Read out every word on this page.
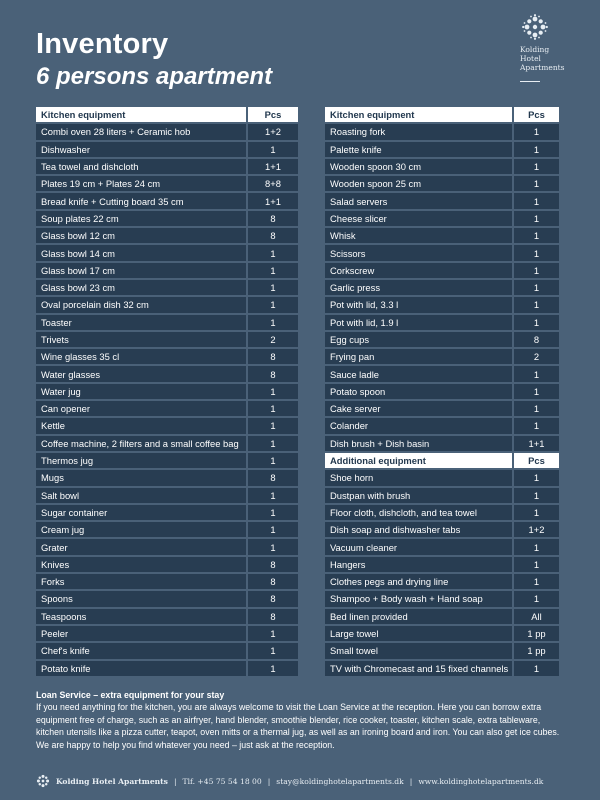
Inventory
6 persons apartment
Kolding
Hotel
Apartments
Kitchen equipment	Pcs
Combi oven 28 liters + Ceramic hob	1+2
Dishwasher	1
Tea towel and dishcloth	1+1
Plates 19 cm + Plates 24 cm	8+8
Bread knife + Cutting board 35 cm	1+1
Soup plates 22 cm	8
Glass bowl 12 cm	8
Glass bowl 14 cm	1
Glass bowl 17 cm	1
Glass bowl 23 cm	1
Oval porcelain dish 32 cm	1
Toaster	1
Trivets	2
Wine glasses 35 cl	8
Water glasses	8
Water jug	1
Can opener	1
Kettle	1
Coffee machine, 2 filters and a small coffee bag	1
Thermos jug	1
Mugs	8
Salt bowl	1
Sugar container	1
Cream jug	1
Grater	1
Knives	8
Forks	8
Spoons	8
Teaspoons	8
Peeler	1
Chef's knife	1
Potato knife	1
Kitchen equipment	Pcs
Roasting fork	1
Palette knife	1
Wooden spoon 30 cm	1
Wooden spoon 25 cm	1
Salad servers	1
Cheese slicer	1
Whisk	1
Scissors	1
Corkscrew	1
Garlic press	1
Pot with lid, 3.3 l	1
Pot with lid, 1.9 l	1
Egg cups	8
Frying pan	2
Sauce ladle	1
Potato spoon	1
Cake server	1
Colander	1
Dish brush + Dish basin	1+1
Additional equipment	Pcs
Shoe horn	1
Dustpan with brush	1
Floor cloth, dishcloth, and tea towel	1
Dish soap and dishwasher tabs	1+2
Vacuum cleaner	1
Hangers	1
Clothes pegs and drying line	1
Shampoo + Body wash + Hand soap	1
Bed linen provided	All
Large towel	1 pp
Small towel	1 pp
TV with Chromecast and 15 fixed channels	1
Loan Service – extra equipment for your stay
If you need anything for the kitchen, you are always welcome to visit the Loan Service at the reception. Here you can borrow extra equipment free of charge, such as an airfryer, hand blender, smoothie blender, rice cooker, toaster, kitchen scale, extra tableware, kitchen utensils like a pizza cutter, teapot, oven mitts or a thermal jug, as well as an ironing board and iron. You can also get ice cubes. We are happy to help you find whatever you need – just ask at the reception.
Kolding Hotel Apartments | Tlf. +45 75 54 18 00 | stay@koldinghotelapartments.dk | www.koldinghotelapartments.dk
